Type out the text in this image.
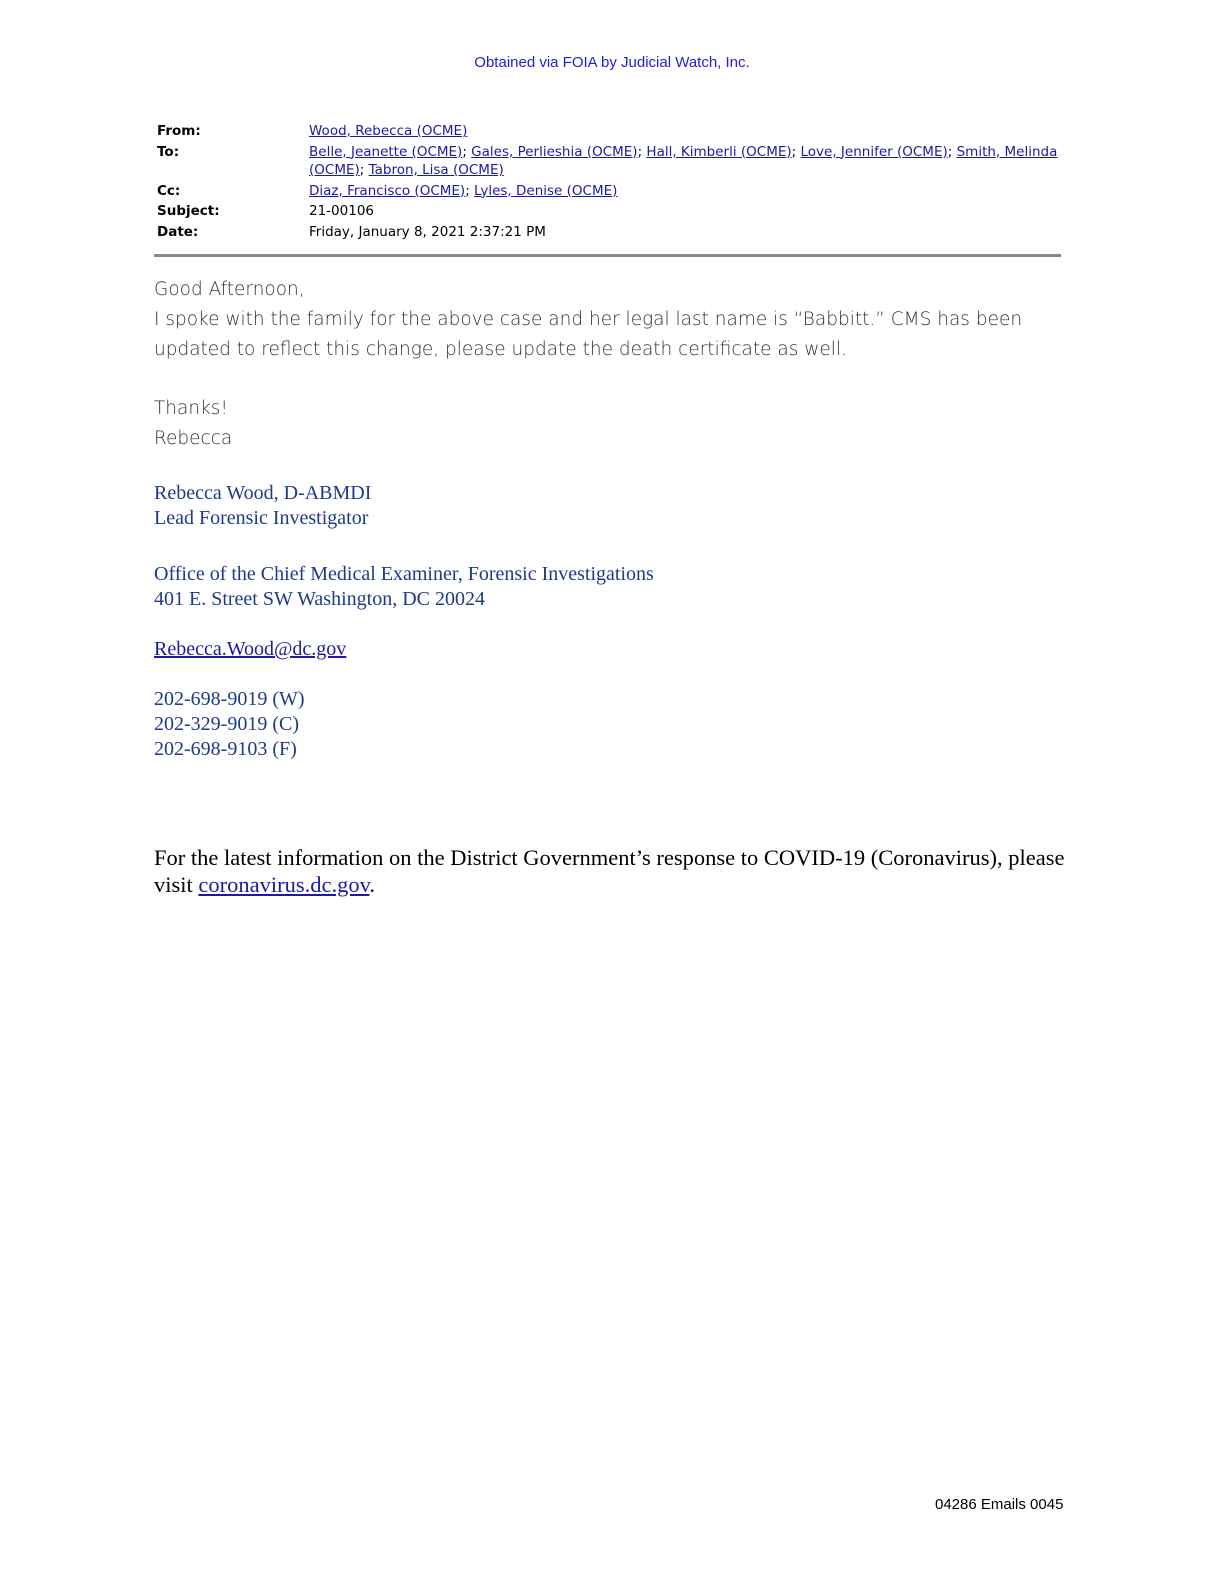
Obtained via FOIA by Judicial Watch, Inc.
From:	Wood, Rebecca (OCME)
To:	Belle, Jeanette (OCME); Gales, Perlieshia (OCME); Hall, Kimberli (OCME); Love, Jennifer (OCME); Smith, Melinda (OCME); Tabron, Lisa (OCME)
Cc:	Diaz, Francisco (OCME); Lyles, Denise (OCME)
Subject:	21-00106
Date:	Friday, January 8, 2021 2:37:21 PM

Good Afternoon,

I spoke with the family for the above case and her legal last name is “Babbitt.” CMS has been

updated to reflect this change, please update the death certificate as well.

Thanks!

Rebecca

Rebecca Wood, D-ABMDI

Lead Forensic Investigator

Office of the Chief Medical Examiner, Forensic Investigations

401 E. Street SW Washington, DC 20024

Rebecca.Wood@dc.gov

202-698-9019 (W)

202-329-9019 (C)

202-698-9103 (F)

For the latest information on the District Government’s response to COVID-19 (Coronavirus), please visit coronavirus.dc.gov.
04286 Emails 0045
